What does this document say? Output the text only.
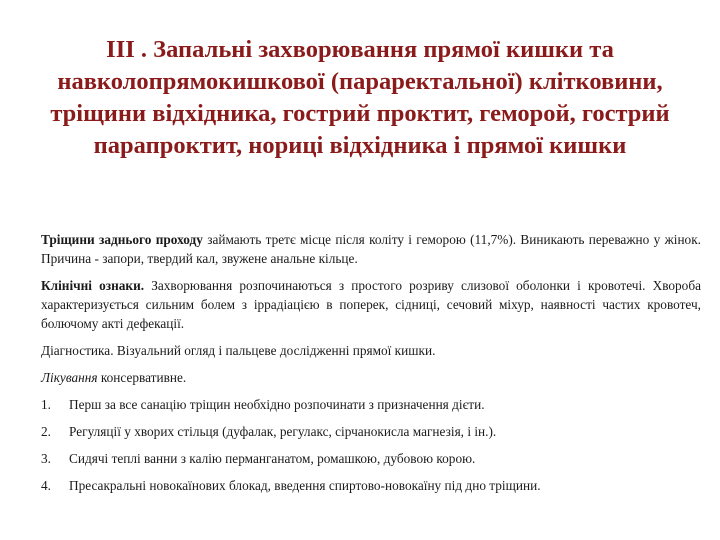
III . Запальні захворювання прямої кишки та навколопрямокишкової (параректальної) клітковини, тріщини відхідника, гострий проктит, геморой, гострий парапроктит, нориці відхідника і прямої кишки

Тріщини заднього проходу займають третє місце після коліту і геморою (11,7%). Виникають переважно у жінок. Причина - запори, твердий кал, звужене анальне кільце.

Клінічні ознаки. Захворювання розпочинаються з простого розриву слизової оболонки і кровотечі. Хвороба характеризується сильним болем з іррадіацією в поперек, сідниці, сечовий міхур, наявності частих кровотеч, болючому акті дефекації.

Діагностика. Візуальний огляд і пальцеве дослідженні прямої кишки.

Лікування консервативне.

1.	Перш за все санацію тріщин необхідно розпочинати з призначення дієти.
2.	Регуляції у хворих стільця (дуфалак, регулакс, сірчанокисла магнезія, і ін.).
3.	Сидячі теплі ванни з калію перманганатом, ромашкою, дубовою корою.
4.	Пресакральні новокаїнових блокад, введення спиртово-новокаїну під дно тріщини.
